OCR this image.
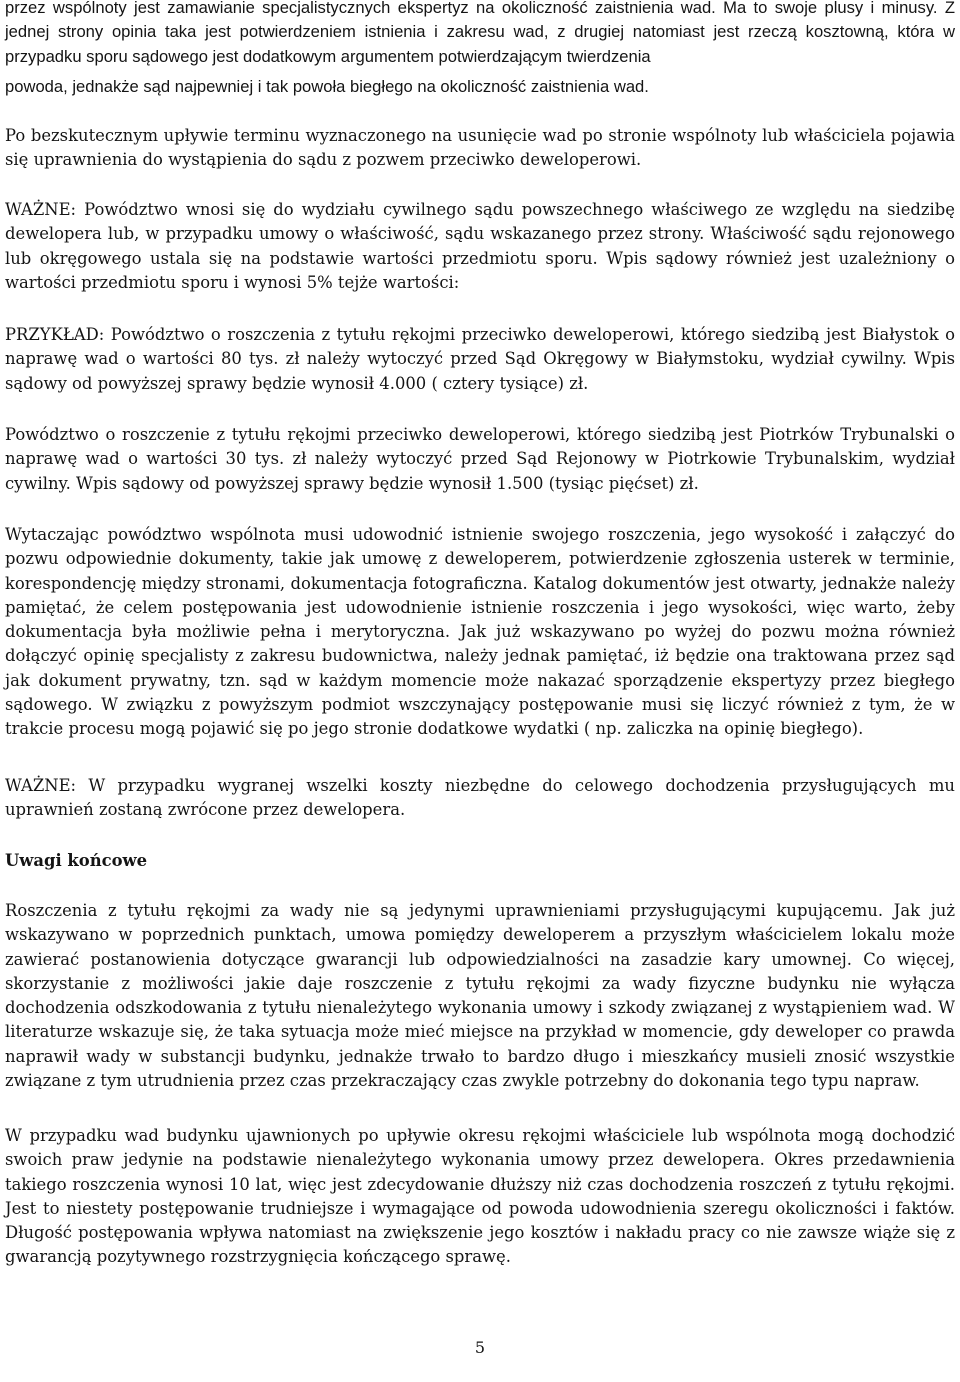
przez wspólnoty jest zamawianie specjalistycznych ekspertyz na okoliczność zaistnienia wad. Ma to swoje plusy i minusy. Z jednej strony opinia taka jest potwierdzeniem istnienia i zakresu wad, z drugiej natomiast jest rzeczą kosztowną, która w przypadku sporu sądowego jest dodatkowym argumentem potwierdzającym twierdzenia

powoda, jednakże sąd najpewniej i tak powoła biegłego na okoliczność zaistnienia wad.

Po bezskutecznym upływie terminu wyznaczonego na usunięcie wad po stronie wspólnoty lub właściciela pojawia się uprawnienia do wystąpienia do sądu z pozwem przeciwko deweloperowi.

WAŻNE: Powództwo wnosi się do wydziału cywilnego sądu powszechnego właściwego ze względu na siedzibę dewelopera lub, w przypadku umowy o właściwość, sądu wskazanego przez strony. Właściwość sądu rejonowego lub okręgowego ustala się na podstawie wartości przedmiotu sporu. Wpis sądowy również jest uzależniony o wartości przedmiotu sporu i wynosi 5% tejże wartości:

PRZYKŁAD: Powództwo o roszczenia z tytułu rękojmi przeciwko deweloperowi, którego siedzibą jest Białystok o naprawę wad o wartości 80 tys. zł należy wytoczyć przed Sąd Okręgowy w Białymstoku, wydział cywilny. Wpis sądowy od powyższej sprawy będzie wynosił 4.000 ( cztery tysiące) zł.

Powództwo o roszczenie z tytułu rękojmi przeciwko deweloperowi, którego siedzibą jest Piotrków Trybunalski o naprawę wad o wartości 30 tys. zł należy wytoczyć przed Sąd Rejonowy w Piotrkowie Trybunalskim, wydział cywilny. Wpis sądowy od powyższej sprawy będzie wynosił 1.500 (tysiąc pięćset) zł.

Wytaczając powództwo wspólnota musi udowodnić istnienie swojego roszczenia, jego wysokość i załączyć do pozwu odpowiednie dokumenty, takie jak umowę z deweloperem, potwierdzenie zgłoszenia usterek w terminie, korespondencję między stronami, dokumentacja fotograficzna. Katalog dokumentów jest otwarty, jednakże należy pamiętać, że celem postępowania jest udowodnienie istnienie roszczenia i jego wysokości, więc warto, żeby dokumentacja była możliwie pełna i merytoryczna. Jak już wskazywano po wyżej do pozwu można również dołączyć opinię specjalisty z zakresu budownictwa, należy jednak pamiętać, iż będzie ona traktowana przez sąd jak dokument prywatny, tzn. sąd w każdym momencie może nakazać sporządzenie ekspertyzy przez biegłego sądowego. W związku z powyższym podmiot wszczynający postępowanie musi się liczyć również z tym, że w trakcie procesu mogą pojawić się po jego stronie dodatkowe wydatki ( np. zaliczka na opinię biegłego).

WAŻNE: W przypadku wygranej wszelki koszty niezbędne do celowego dochodzenia przysługujących mu uprawnień zostaną zwrócone przez dewelopera.

Uwagi końcowe

Roszczenia z tytułu rękojmi za wady nie są jedynymi uprawnieniami przysługującymi kupującemu. Jak już wskazywano w poprzednich punktach, umowa pomiędzy deweloperem a przyszłym właścicielem lokalu może zawierać postanowienia dotyczące gwarancji lub odpowiedzialności na zasadzie kary umownej. Co więcej, skorzystanie z możliwości jakie daje roszczenie z tytułu rękojmi za wady fizyczne budynku nie wyłącza dochodzenia odszkodowania z tytułu nienależytego wykonania umowy i szkody związanej z wystąpieniem wad. W literaturze wskazuje się, że taka sytuacja może mieć miejsce na przykład w momencie, gdy deweloper co prawda naprawił wady w substancji budynku, jednakże trwało to bardzo długo i mieszkańcy musieli znosić wszystkie związane z tym utrudnienia przez czas przekraczający czas zwykle potrzebny do dokonania tego typu napraw.

W przypadku wad budynku ujawnionych po upływie okresu rękojmi właściciele lub wspólnota mogą dochodzić swoich praw jedynie na podstawie nienależytego wykonania umowy przez dewelopera. Okres przedawnienia takiego roszczenia wynosi 10 lat, więc jest zdecydowanie dłuższy niż czas dochodzenia roszczeń z tytułu rękojmi. Jest to niestety postępowanie trudniejsze i wymagające od powoda udowodnienia szeregu okoliczności i faktów. Długość postępowania wpływa natomiast na zwiększenie jego kosztów i nakładu pracy co nie zawsze wiąże się z gwarancją pozytywnego rozstrzygnięcia kończącego sprawę.

5
